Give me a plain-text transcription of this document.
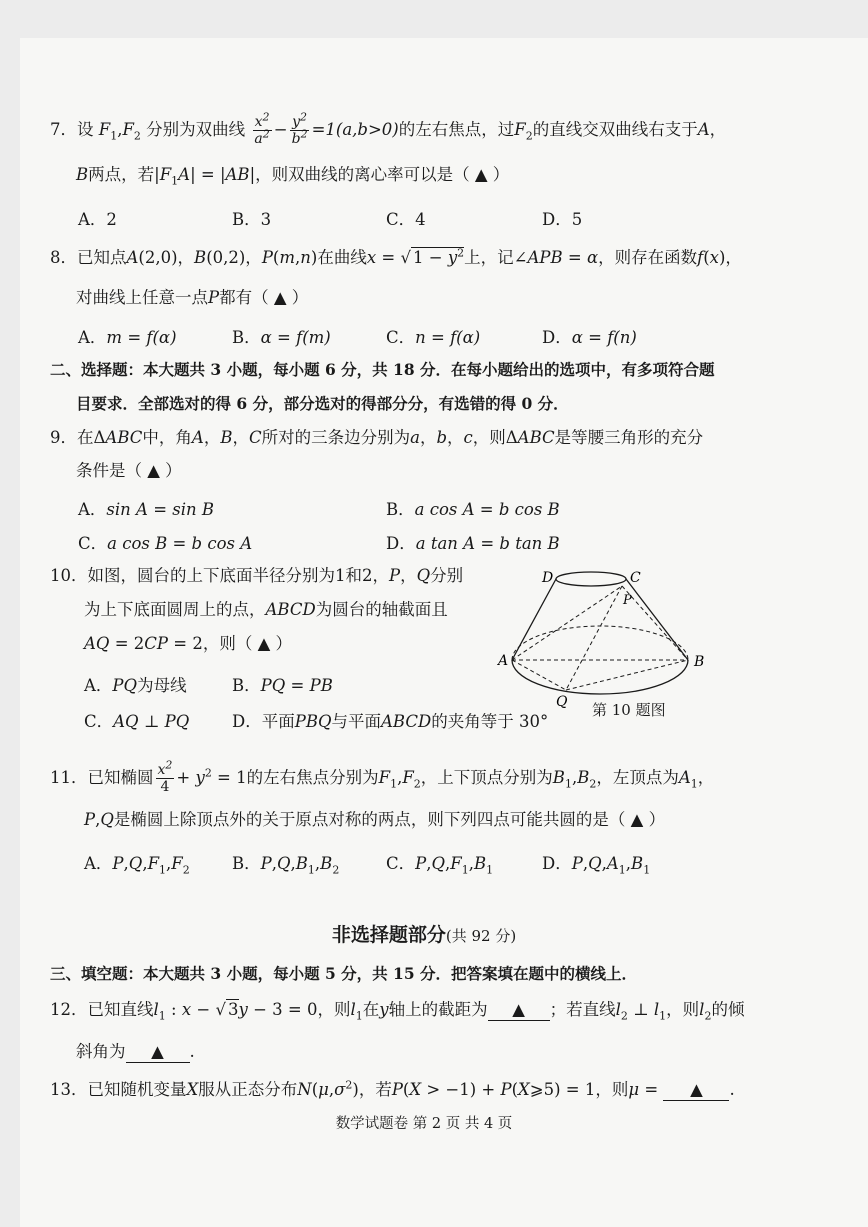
7．设 $F_1,F_2$ 分别为双曲线 $\frac{x^2}{a^2} - \frac{y^2}{b^2} =1(a,b>0)$的左右焦点，过$F_2$的直线交双曲线右支于A，
B两点，若$|F_1A| = |AB|$，则双曲线的离心率可以是（ ▲ ）
A．2	B．3	C．4	D．5
8．已知点A(2,0)，B(0,2)，P(m,n)在曲线x = √ $1 - y^2$上，记∠APB = α，则存在函数f(x)，
对曲线上任意一点P都有（ ▲ ）
A．m = f(α)	B．α = f(m)	C．n = f(α)	D．α = f(n)
二、选择题：本大题共 3 小题，每小题 6 分，共 18 分．在每小题给出的选项中，有多项符合题
目要求．全部选对的得 6 分，部分选对的得部分分，有选错的得 0 分．
9．在ΔABC中，角A，B，C所对的三条边分别为a，b，c，则ΔABC是等腰三角形的充分
条件是（ ▲ ）
A．sin A = sin B	B．a cos A = b cos B
C．a cos B = b cos A	D．a tan A = b tan B
10．如图，圆台的上下底面半径分别为1和2，P，Q分别
为上下底面圆周上的点，ABCD为圆台的轴截面且
AQ = 2CP = 2，则（ ▲ ）
A．PQ为母线	B．PQ = PB
C．AQ ⊥ PQ	D．平面PBQ与平面ABCD的夹角等于 30°
D	C
P
A	B
Q 第 10 题图
11．已知椭圆 $\frac{x^2}{4} + y^2 = 1$的左右焦点分别为$F_1,F_2$，上下顶点分别为$B_1,B_2$，左顶点为$A_1$，
P,Q是椭圆上除顶点外的关于原点对称的两点，则下列四点可能共圆的是（ ▲ ）
A．$P,Q,F_1,F_2$	B．$P,Q,B_1,B_2$	C．$P,Q,F_1,B_1$	D．$P,Q,A_1,B_1$
非选择题部分(共 92 分)
三、填空题：本大题共 3 小题，每小题 5 分，共 15 分．把答案填在题中的横线上．
12．已知直线$l_1$ : x − √ 3y − 3 = 0，则$l_1$在y轴上的截距为 ▲ ；若直线$l_2$ ⊥ $l_1$，则$l_2$的倾
斜角为 ▲ .
13．已知随机变量X服从正态分布$N(\mu,\sigma^2)$，若P(X > −1) + P(X⩾5) = 1，则μ = ▲ .
数学试题卷 第 2 页 共 4 页
